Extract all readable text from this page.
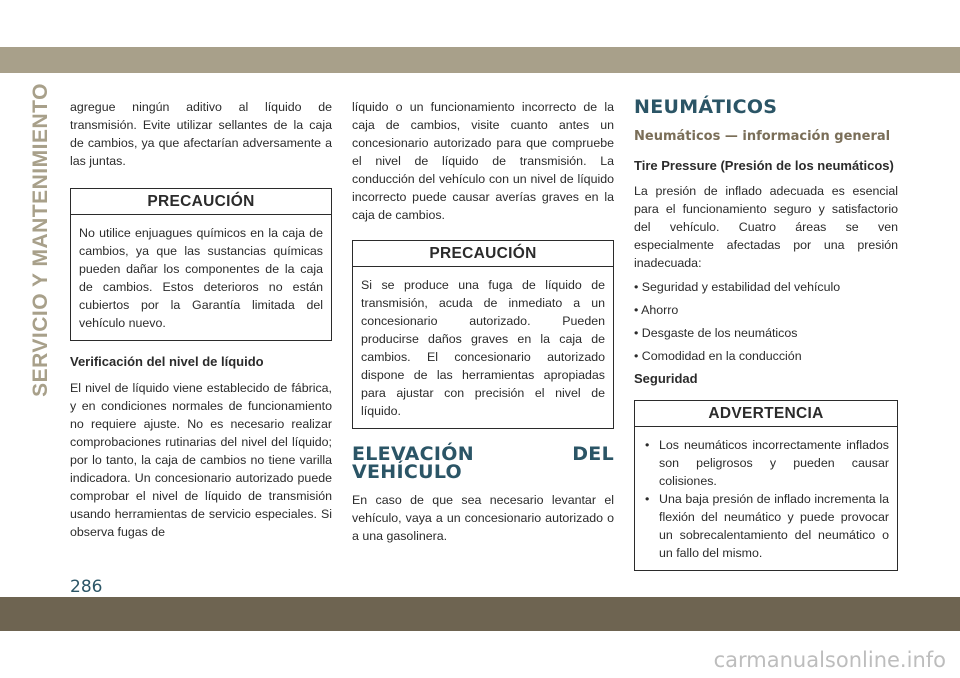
SERVICIO Y MANTENIMIENTO agregue ningún aditivo al líquido de transmisión. Evite utilizar sellantes de la caja de cambios, ya que afectarían adversamente a las juntas.

PRECAUCIÓN
No utilice enjuagues químicos en la caja de cambios, ya que las sustancias químicas pueden dañar los componentes de la caja de cambios. Estos deterioros no están cubiertos por la Garantía limitada del vehículo nuevo.

Verificación del nivel de líquido

El nivel de líquido viene establecido de fábrica, y en condiciones normales de funcionamiento no requiere ajuste. No es necesario realizar comprobaciones rutinarias del nivel del líquido; por lo tanto, la caja de cambios no tiene varilla indicadora. Un concesionario autorizado puede comprobar el nivel de líquido de transmisión usando herramientas de servicio especiales. Si observa fugas de

líquido o un funcionamiento incorrecto de la caja de cambios, visite cuanto antes un concesionario autorizado para que compruebe el nivel de líquido de transmisión. La conducción del vehículo con un nivel de líquido incorrecto puede causar averías graves en la caja de cambios.

PRECAUCIÓN
Si se produce una fuga de líquido de transmisión, acuda de inmediato a un concesionario autorizado. Pueden producirse daños graves en la caja de cambios. El concesionario autorizado dispone de las herramientas apropiadas para ajustar con precisión el nivel de líquido.

ELEVACIÓN DEL VEHÍCULO

En caso de que sea necesario levantar el vehículo, vaya a un concesionario autorizado o a una gasolinera.

NEUMÁTICOS

Neumáticos — información general

Tire Pressure (Presión de los neumáticos)

La presión de inflado adecuada es esencial para el funcionamiento seguro y satisfactorio del vehículo. Cuatro áreas se ven especialmente afectadas por una presión inadecuada:

• Seguridad y estabilidad del vehículo

• Ahorro

• Desgaste de los neumáticos

• Comodidad en la conducción

Seguridad

ADVERTENCIA
• Los neumáticos incorrectamente inflados son peligrosos y pueden causar colisiones.
• Una baja presión de inflado incrementa la flexión del neumático y puede provocar un sobrecalentamiento del neumático o un fallo del mismo.
286
carmanualsonline.info
